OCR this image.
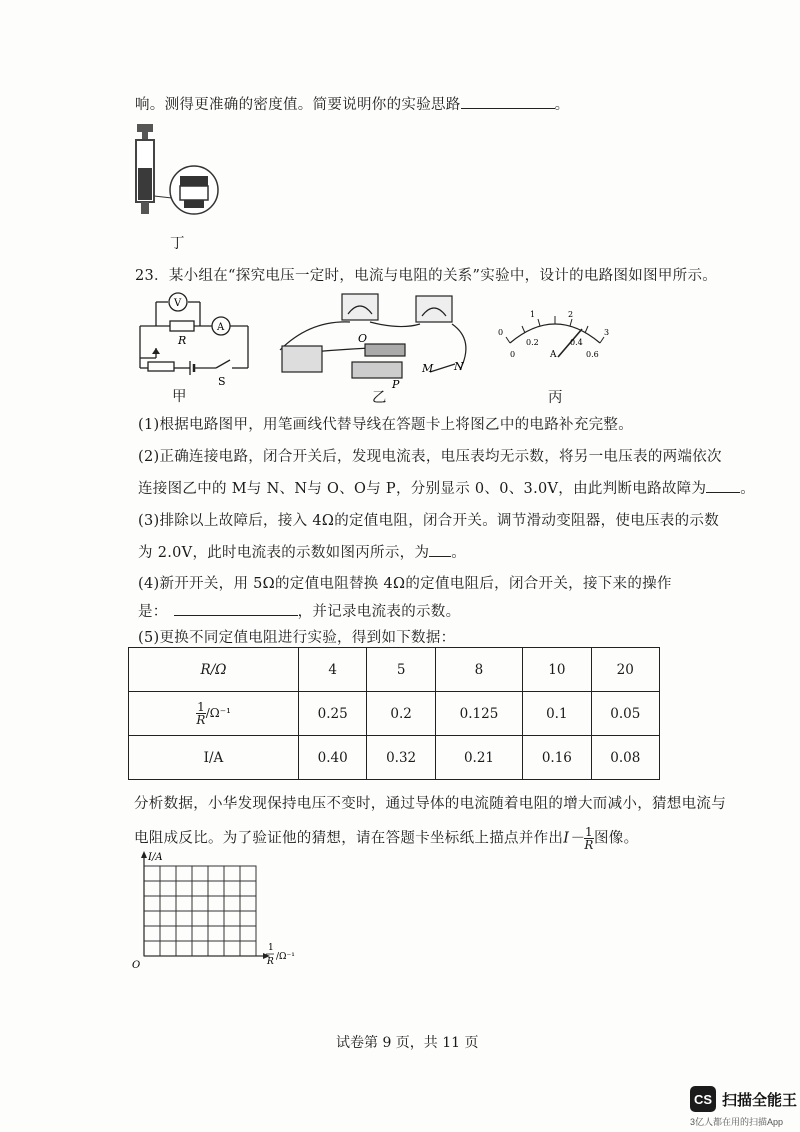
响。测得更准确的密度值。简要说明你的实验思路	。
丁
23．某小组在“探究电压一定时，电流与电阻的关系”实验中，设计的电路图如图甲所示。
V
A
R
S
甲
O
P
M N
乙
0
1	2
3
0
0.2	0.4
0.6
A
丙
(1)根据电路图甲，用笔画线代替导线在答题卡上将图乙中的电路补充完整。
(2)正确连接电路，闭合开关后，发现电流表，电压表均无示数，将另一电压表的两端依次
连接图乙中的 M与 N、N与 O、O与 P，分别显示 0、0、3.0V，由此判断电路故障为 。
(3)排除以上故障后，接入 4Ω的定值电阻，闭合开关。调节滑动变阻器，使电压表的示数
为 2.0V，此时电流表的示数如图丙所示，为 。
(4)新开开关，用 5Ω的定值电阻替换 4Ω的定值电阻后，闭合开关，接下来的操作
是：	，并记录电流表的示数。
(5)更换不同定值电阻进行实验，得到如下数据：
R/Ω	4	5	8	10	20

$\frac{1}{R} /\Omega^{-1}$	0.25	0.2	0.125	0.1	0.05
I/A	0.40	0.32	0.21	0.16	0.08
分析数据，小华发现保持电压不变时，通过导体的电流随着电阻的增大而减小，猜想电流与
电阻成反比。为了验证他的猜想，请在答题卡坐标纸上描点并作出$I- \frac{1}{R}$ 图像。
I/A
O
1
R /Ω⁻¹
试卷第 9 页，共 11 页
CS 扫描全能王
3亿人都在用的扫描App
